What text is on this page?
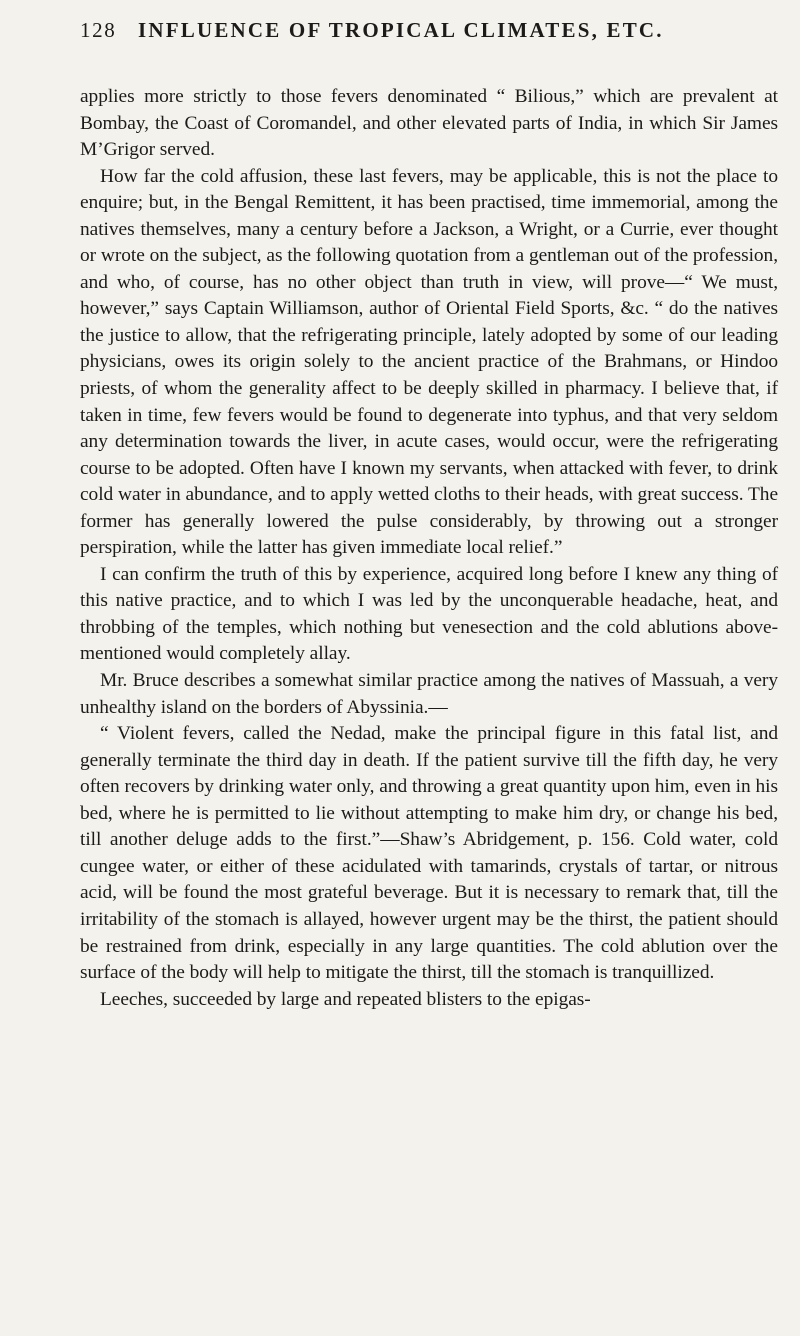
128	INFLUENCE OF TROPICAL CLIMATES, ETC.

applies more strictly to those fevers denominated “ Bilious,” which are prevalent at Bombay, the Coast of Coromandel, and other elevated parts of India, in which Sir James M’Grigor served.

How far the cold affusion, these last fevers, may be applicable, this is not the place to enquire; but, in the Bengal Remittent, it has been practised, time immemorial, among the natives themselves, many a century before a Jackson, a Wright, or a Currie, ever thought or wrote on the subject, as the following quotation from a gentleman out of the profession, and who, of course, has no other object than truth in view, will prove—“ We must, however,” says Captain Williamson, author of Oriental Field Sports, &c. “ do the natives the justice to allow, that the refrigerating principle, lately adopted by some of our leading physicians, owes its origin solely to the ancient practice of the Brahmans, or Hindoo priests, of whom the generality affect to be deeply skilled in pharmacy. I believe that, if taken in time, few fevers would be found to degenerate into typhus, and that very seldom any determination towards the liver, in acute cases, would occur, were the refrigerating course to be adopted. Often have I known my servants, when attacked with fever, to drink cold water in abundance, and to apply wetted cloths to their heads, with great success. The former has generally lowered the pulse considerably, by throwing out a stronger perspiration, while the latter has given immediate local relief.”

I can confirm the truth of this by experience, acquired long before I knew any thing of this native practice, and to which I was led by the unconquerable headache, heat, and throbbing of the temples, which nothing but venesection and the cold ablutions above-mentioned would completely allay.

Mr. Bruce describes a somewhat similar practice among the natives of Massuah, a very unhealthy island on the borders of Abyssinia.—

“ Violent fevers, called the Nedad, make the principal figure in this fatal list, and generally terminate the third day in death. If the patient survive till the fifth day, he very often recovers by drinking water only, and throwing a great quantity upon him, even in his bed, where he is permitted to lie without attempting to make him dry, or change his bed, till another deluge adds to the first.”—Shaw’s Abridgement, p. 156. Cold water, cold cungee water, or either of these acidulated with tamarinds, crystals of tartar, or nitrous acid, will be found the most grateful beverage. But it is necessary to remark that, till the irritability of the stomach is allayed, however urgent may be the thirst, the patient should be restrained from drink, especially in any large quantities. The cold ablution over the surface of the body will help to mitigate the thirst, till the stomach is tranquillized.

Leeches, succeeded by large and repeated blisters to the epigas-
